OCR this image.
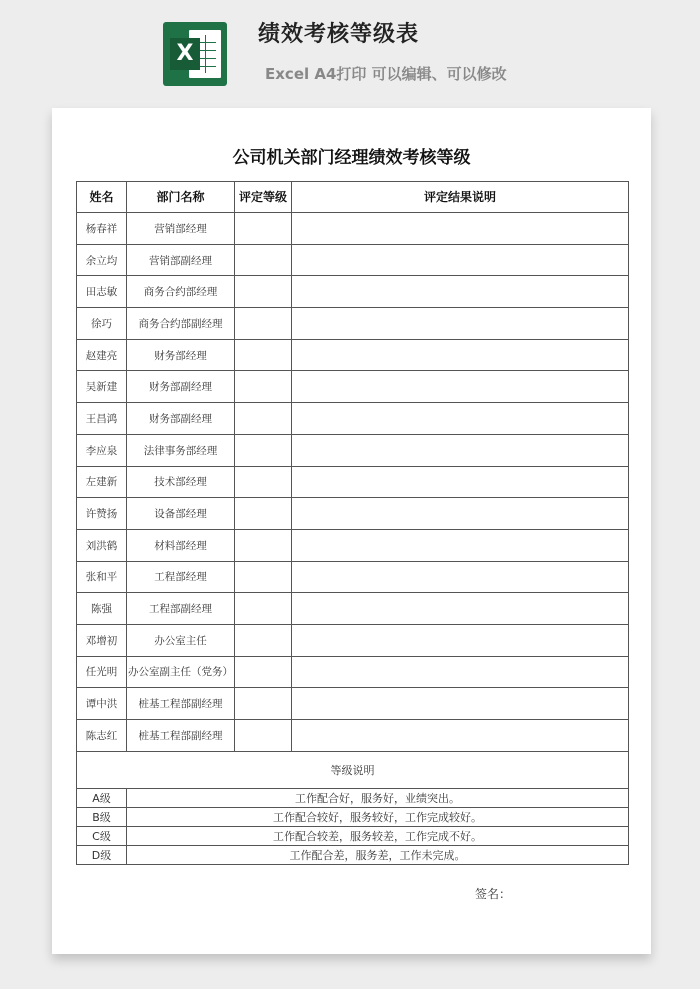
X
绩效考核等级表
Excel A4打印 可以编辑、可以修改
公司机关部门经理绩效考核等级
姓名	部门名称	评定等级	评定结果说明
杨春祥	营销部经理		
余立均	营销部副经理		
田志敏	商务合约部经理		
徐巧	商务合约部副经理		
赵建亮	财务部经理		
吴新建	财务部副经理		
王昌鸿	财务部副经理		
李应泉	法律事务部经理		
左建新	技术部经理		
许赞扬	设备部经理		
刘洪鹤	材料部经理		
张和平	工程部经理		
陈强	工程部副经理		
邓增初	办公室主任		
任光明	办公室副主任（党务）		
谭中洪	桩基工程部副经理		
陈志红	桩基工程部副经理		
等级说明			
A级	工作配合好，服务好，业绩突出。		
B级	工作配合较好，服务较好，工作完成较好。		
C级	工作配合较差，服务较差，工作完成不好。		
D级	工作配合差，服务差，工作未完成。		
签名：
